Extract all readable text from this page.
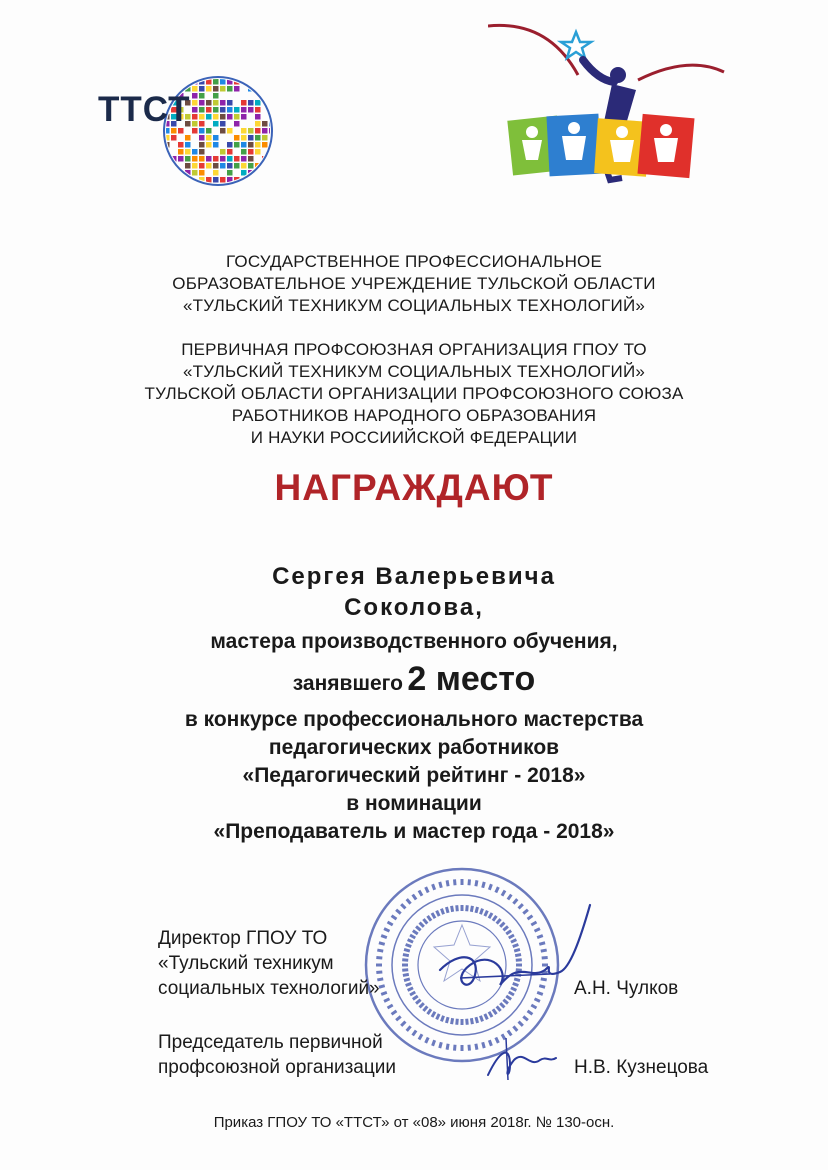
ТТСТ
ГОСУДАРСТВЕННОЕ ПРОФЕССИОНАЛЬНОЕ
ОБРАЗОВАТЕЛЬНОЕ УЧРЕЖДЕНИЕ ТУЛЬСКОЙ ОБЛАСТИ
«ТУЛЬСКИЙ ТЕХНИКУМ СОЦИАЛЬНЫХ ТЕХНОЛОГИЙ»
ПЕРВИЧНАЯ ПРОФСОЮЗНАЯ ОРГАНИЗАЦИЯ ГПОУ ТО
«ТУЛЬСКИЙ ТЕХНИКУМ СОЦИАЛЬНЫХ ТЕХНОЛОГИЙ»
ТУЛЬСКОЙ ОБЛАСТИ ОРГАНИЗАЦИИ ПРОФСОЮЗНОГО СОЮЗА
РАБОТНИКОВ НАРОДНОГО ОБРАЗОВАНИЯ
И НАУКИ РОССИИЙСКОЙ ФЕДЕРАЦИИ
НАГРАЖДАЮТ
Сергея Валерьевича
Соколова,
мастера производственного обучения,
занявшего 2 место
в конкурсе профессионального мастерства
педагогических работников
«Педагогический рейтинг - 2018»
в номинации
«Преподаватель и мастер года - 2018»
Директор ГПОУ ТО
«Тульский техникум
социальных технологий»	А.Н. Чулков
Председатель первичной
профсоюзной организации	Н.В. Кузнецова
Приказ ГПОУ ТО «ТТСТ» от «08» июня 2018г. № 130-осн.
